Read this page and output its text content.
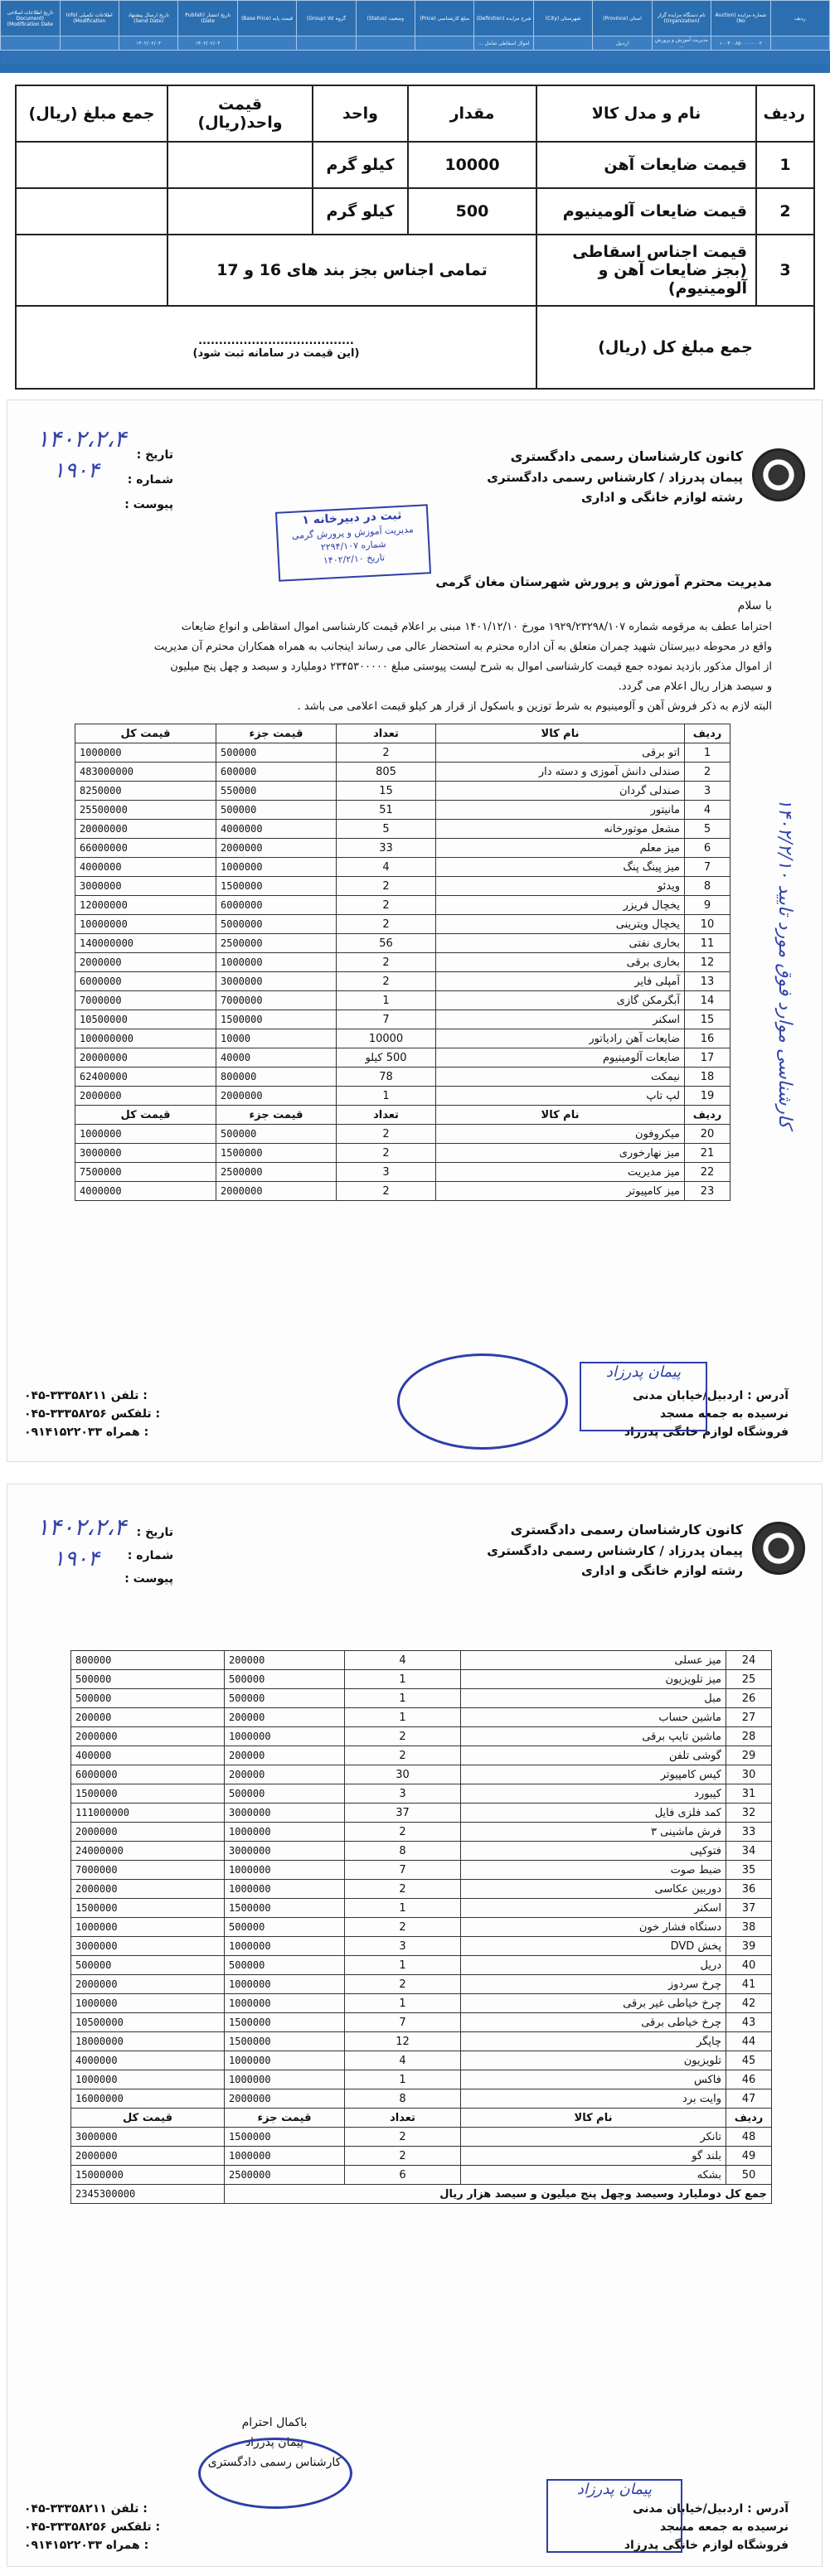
ردیف	شماره مزایده (Auction No)	نام دستگاه مزایده گزار (Organization)	استان (Province)	شهرستان (City)	شرح مزایده (Definition)	مبلغ کارشناسی (Price)	وضعیت (Status)	گروه کالا (Group)	قیمت پایه (Base Price)	تاریخ انتشار (Publish Date)	تاریخ ارسال پیشنهاد (Send Date)	اطلاعات تکمیلی (Info Modification)	تاریخ اطلاعات اصلاحی (Document Modification Date)
	۱۰۰۴۰۰۸۵۰۰۰۰۰۰۰۲	مدیریت آموزش و پرورش ...	اردبیل		اموال اسقاطی شامل ...					۱۴۰۲/۰۲/۰۴	۱۴۰۲/۰۲/۰۴		

ردیف	نام و مدل کالا	مقدار	واحد	قیمت واحد(ریال)	جمع مبلغ (ریال)
1	قیمت ضایعات آهن	10000	کیلو گرم		
2	قیمت ضایعات آلومینیوم	500	کیلو گرم		
3	قیمت اجناس اسقاطی (بجز ضایعات آهن و آلومینیوم)	تمامی اجناس بجز بند های 16 و 17			
جمع مبلغ کل (ریال)		......................................
(این قیمت در سامانه ثبت شود)			
کانون کارشناسان رسمی دادگستری
پیمان پدرزاد / کارشناس رسمی دادگستری
رشته لوازم خانگی و اداری
تاریخ :
شماره :
پیوست :
۱۴۰۲،۲،۴
۱۹۰۴
ثبت در دبیرخانه ۱
مدیریت آموزش و پرورش گرمی
شماره ۲۲۹۴/۱۰۷
تاریخ ۱۴۰۲/۲/۱۰
مدیریت محترم آموزش و پرورش شهرستان مغان گرمی
با سلام
احتراما عطف به مرقومه شماره ۱۹۲۹/۲۳۲۹۸/۱۰۷ مورخ ۱۴۰۱/۱۲/۱۰ مبنی بر اعلام قیمت کارشناسی اموال اسقاطی و انواع ضایعات
واقع در محوطه دبیرستان شهید چمران متعلق به آن اداره محترم به استحضار عالی می رساند اینجانب به همراه همکاران محترم آن مدیریت
از اموال مذکور بازدید نموده جمع قیمت کارشناسی اموال به شرح لیست پیوستی مبلغ ۲۳۴۵۳۰۰۰۰۰ دوملیارد و سیصد و چهل پنج میلیون
و سیصد هزار ریال اعلام می گردد.
البته لازم به ذکر فروش آهن و آلومینیوم به شرط توزین و باسکول از قرار هر کیلو قیمت اعلامی می باشد .
ردیف	نام کالا	تعداد	قیمت جزء	قیمت کل
1	اتو برقی	2	500000	1000000
2	صندلی دانش آموزی و دسته دار	805	600000	483000000
3	صندلی گردان	15	550000	8250000
4	مانیتور	51	500000	25500000
5	مشعل موتورخانه	5	4000000	20000000
6	میز معلم	33	2000000	66000000
7	میز پینگ پنگ	4	1000000	4000000
8	ویدئو	2	1500000	3000000
9	یخچال فریزر	2	6000000	12000000
10	یخچال ویترینی	2	5000000	10000000
11	بخاری نفتی	56	2500000	140000000
12	بخاری برقی	2	1000000	2000000
13	آمپلی فایر	2	3000000	6000000
14	آبگرمکن گازی	1	7000000	7000000
15	اسکنر	7	1500000	10500000
16	ضایعات آهن رادیاتور	10000	10000	100000000
17	ضایعات آلومینیوم	500 کیلو	40000	20000000
18	نیمکت	78	800000	62400000
19	لپ تاپ	1	2000000	2000000
ردیف	نام کالا	تعداد	قیمت جزء	قیمت کل
20	میکروفون	2	500000	1000000
21	میز نهارخوری	2	1500000	3000000
22	میز مدیریت	3	2500000	7500000
23	میز کامپیوتر	2	2000000	4000000
۱۴۰۲/۲/۱۰ کارشناسی موارد فوق مورد تایید
آدرس : اردبیل/خیابان مدنی
نرسیده به جمعه مسجد
فروشگاه لوازم خانگی پدرزاد
۰۴۵-۳۳۳۵۸۲۱۱ تلفن :
۰۴۵-۳۳۳۵۸۲۵۶ تلفکس :
۰۹۱۴۱۵۲۲۰۳۳ همراه :
پیمان پدرزاد
کانون کارشناسان رسمی دادگستری
پیمان پدرزاد / کارشناس رسمی دادگستری
رشته لوازم خانگی و اداری
تاریخ :
شماره :
پیوست :
۱۴۰۲،۲،۴
۱۹۰۴
24	میز عسلی	4	200000	800000
25	میز تلویزیون	1	500000	500000
26	مبل	1	500000	500000
27	ماشین حساب	1	200000	200000
28	ماشین تایپ برقی	2	1000000	2000000
29	گوشی تلفن	2	200000	400000
30	کیس کامپیوتر	30	200000	6000000
31	کیبورد	3	500000	1500000
32	کمد فلزی فایل	37	3000000	111000000
33	فرش ماشینی ۳	2	1000000	2000000
34	فتوکپی	8	3000000	24000000
35	ضبط صوت	7	1000000	7000000
36	دوربین عکاسی	2	1000000	2000000
37	اسکنر	1	1500000	1500000
38	دستگاه فشار خون	2	500000	1000000
39	پخش DVD	3	1000000	3000000
40	دریل	1	500000	500000
41	چرخ سردوز	2	1000000	2000000
42	چرخ خیاطی غیر برقی	1	1000000	1000000
43	چرخ خیاطی برقی	7	1500000	10500000
44	چاپگر	12	1500000	18000000
45	تلویزیون	4	1000000	4000000
46	فاکس	1	1000000	1000000
47	وایت برد	8	2000000	16000000
ردیف	نام کالا	تعداد	قیمت جزء	قیمت کل
48	تانکر	2	1500000	3000000
49	بلند گو	2	1000000	2000000
50	بشکه	6	2500000	15000000
جمع کل دوملیارد وسیصد وچهل پنج میلیون و سیصد هزار ریال				2345300000
باکمال احترام
پیمان پدرزاد
کارشناس رسمی دادگستری
آدرس : اردبیل/خیابان مدنی
نرسیده به جمعه مسجد
فروشگاه لوازم خانگی پدرزاد
۰۴۵-۳۳۳۵۸۲۱۱ تلفن :
۰۴۵-۳۳۳۵۸۲۵۶ تلفکس :
۰۹۱۴۱۵۲۲۰۳۳ همراه :
پیمان پدرزاد
